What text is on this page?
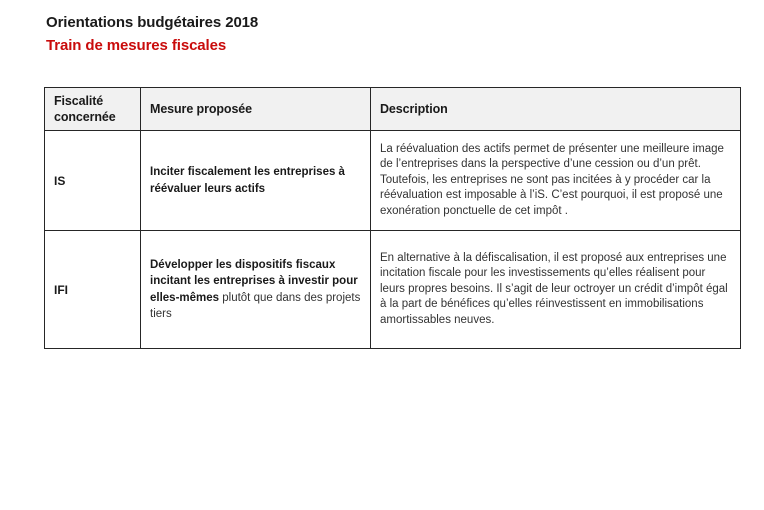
Orientations budgétaires 2018
Train de mesures fiscales
Fiscalité concernée	Mesure proposée	Description
IS	Inciter fiscalement les entreprises à réévaluer leurs actifs	La réévaluation des actifs permet de présenter une meilleure image de l’entreprises dans la perspective d’une cession ou d’un prêt. Toutefois, les entreprises ne sont pas incitées à y procéder car la réévaluation est imposable à l’iS. C’est pourquoi, il est proposé une exonération ponctuelle de cet impôt .
IFI	Développer les dispositifs fiscaux incitant les entreprises à investir pour elles-mêmes plutôt que dans des projets tiers	En alternative à la défiscalisation, il est proposé aux entreprises une incitation fiscale pour les investissements qu’elles réalisent pour leurs propres besoins. Il s’agit de leur octroyer un crédit d’impôt égal à la part de bénéfices qu’elles réinvestissent en immobilisations amortissables neuves.
